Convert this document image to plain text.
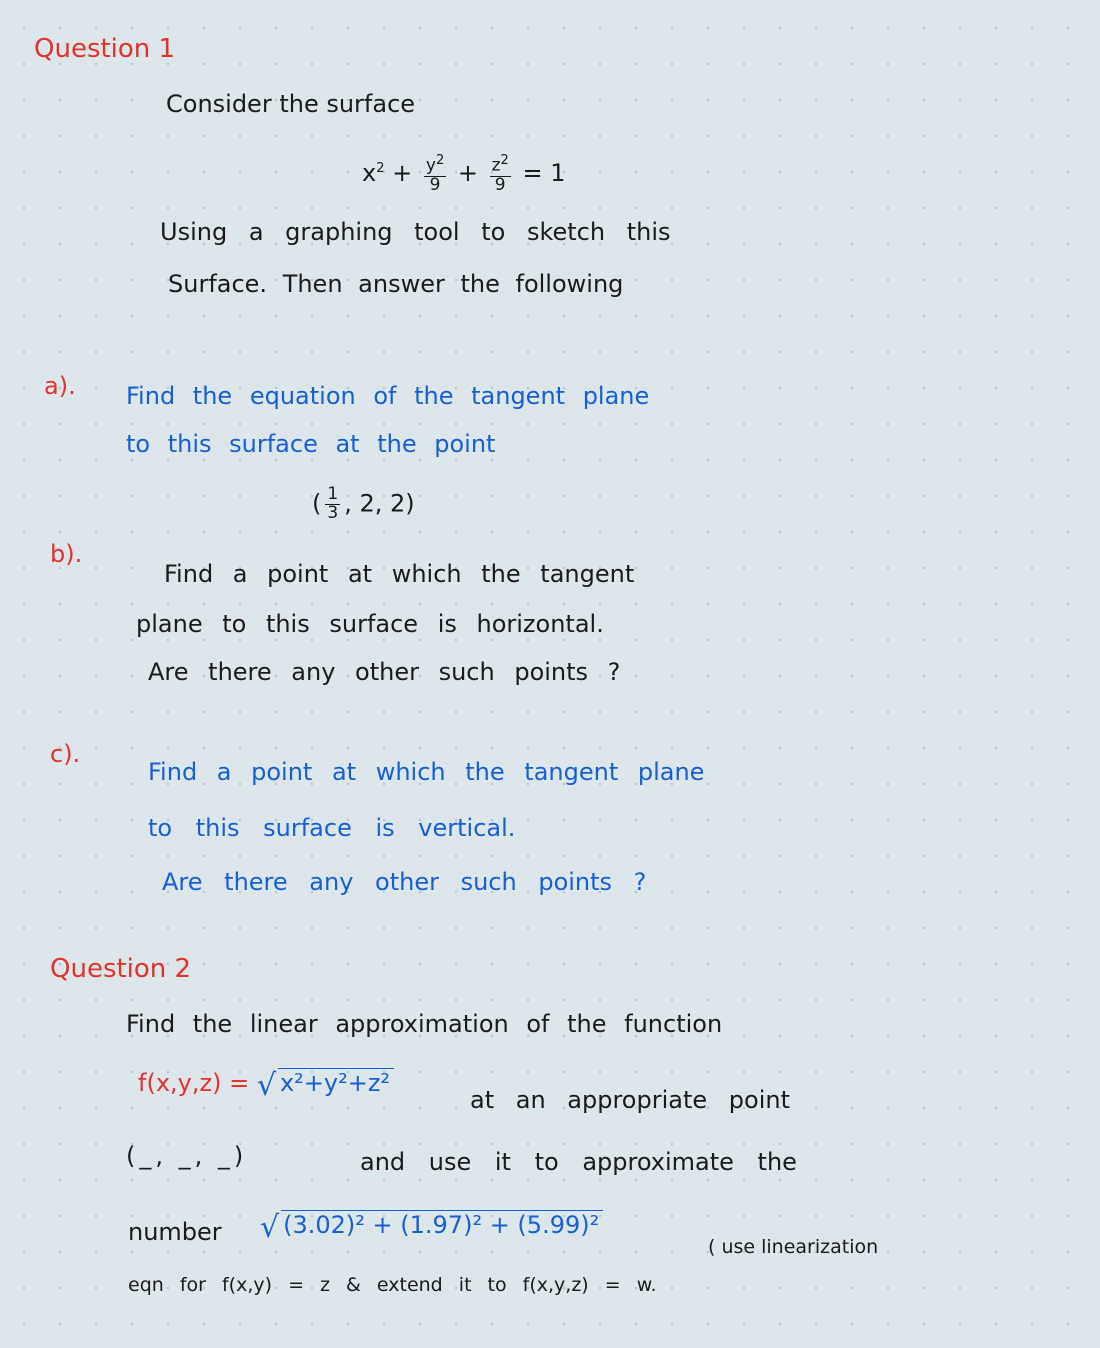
Question 1
Consider the surface
$x^2 + \frac{y^2}{9} + \frac{z^2}{9} = 1$
Using a graphing tool to sketch this
Surface. Then answer the following
a). Find the equation of the tangent plane
to this surface at the point
( $\frac{1}{3}$ , 2, 2)
b).
Find a point at which the tangent
plane to this surface is horizontal.
Are there any other such points ?
c).
Find a point at which the tangent plane
to this surface is vertical.
Are there any other such points ?
Question 2
Find the linear approximation of the function
f(x,y,z) = √ x²+y²+z²
at an appropriate point
(_, _, _)	and use it to approximate the
number √ (3.02)² + (1.97)² + (5.99)²
( use linearization
eqn for f(x,y) = z & extend it to f(x,y,z) = w.
